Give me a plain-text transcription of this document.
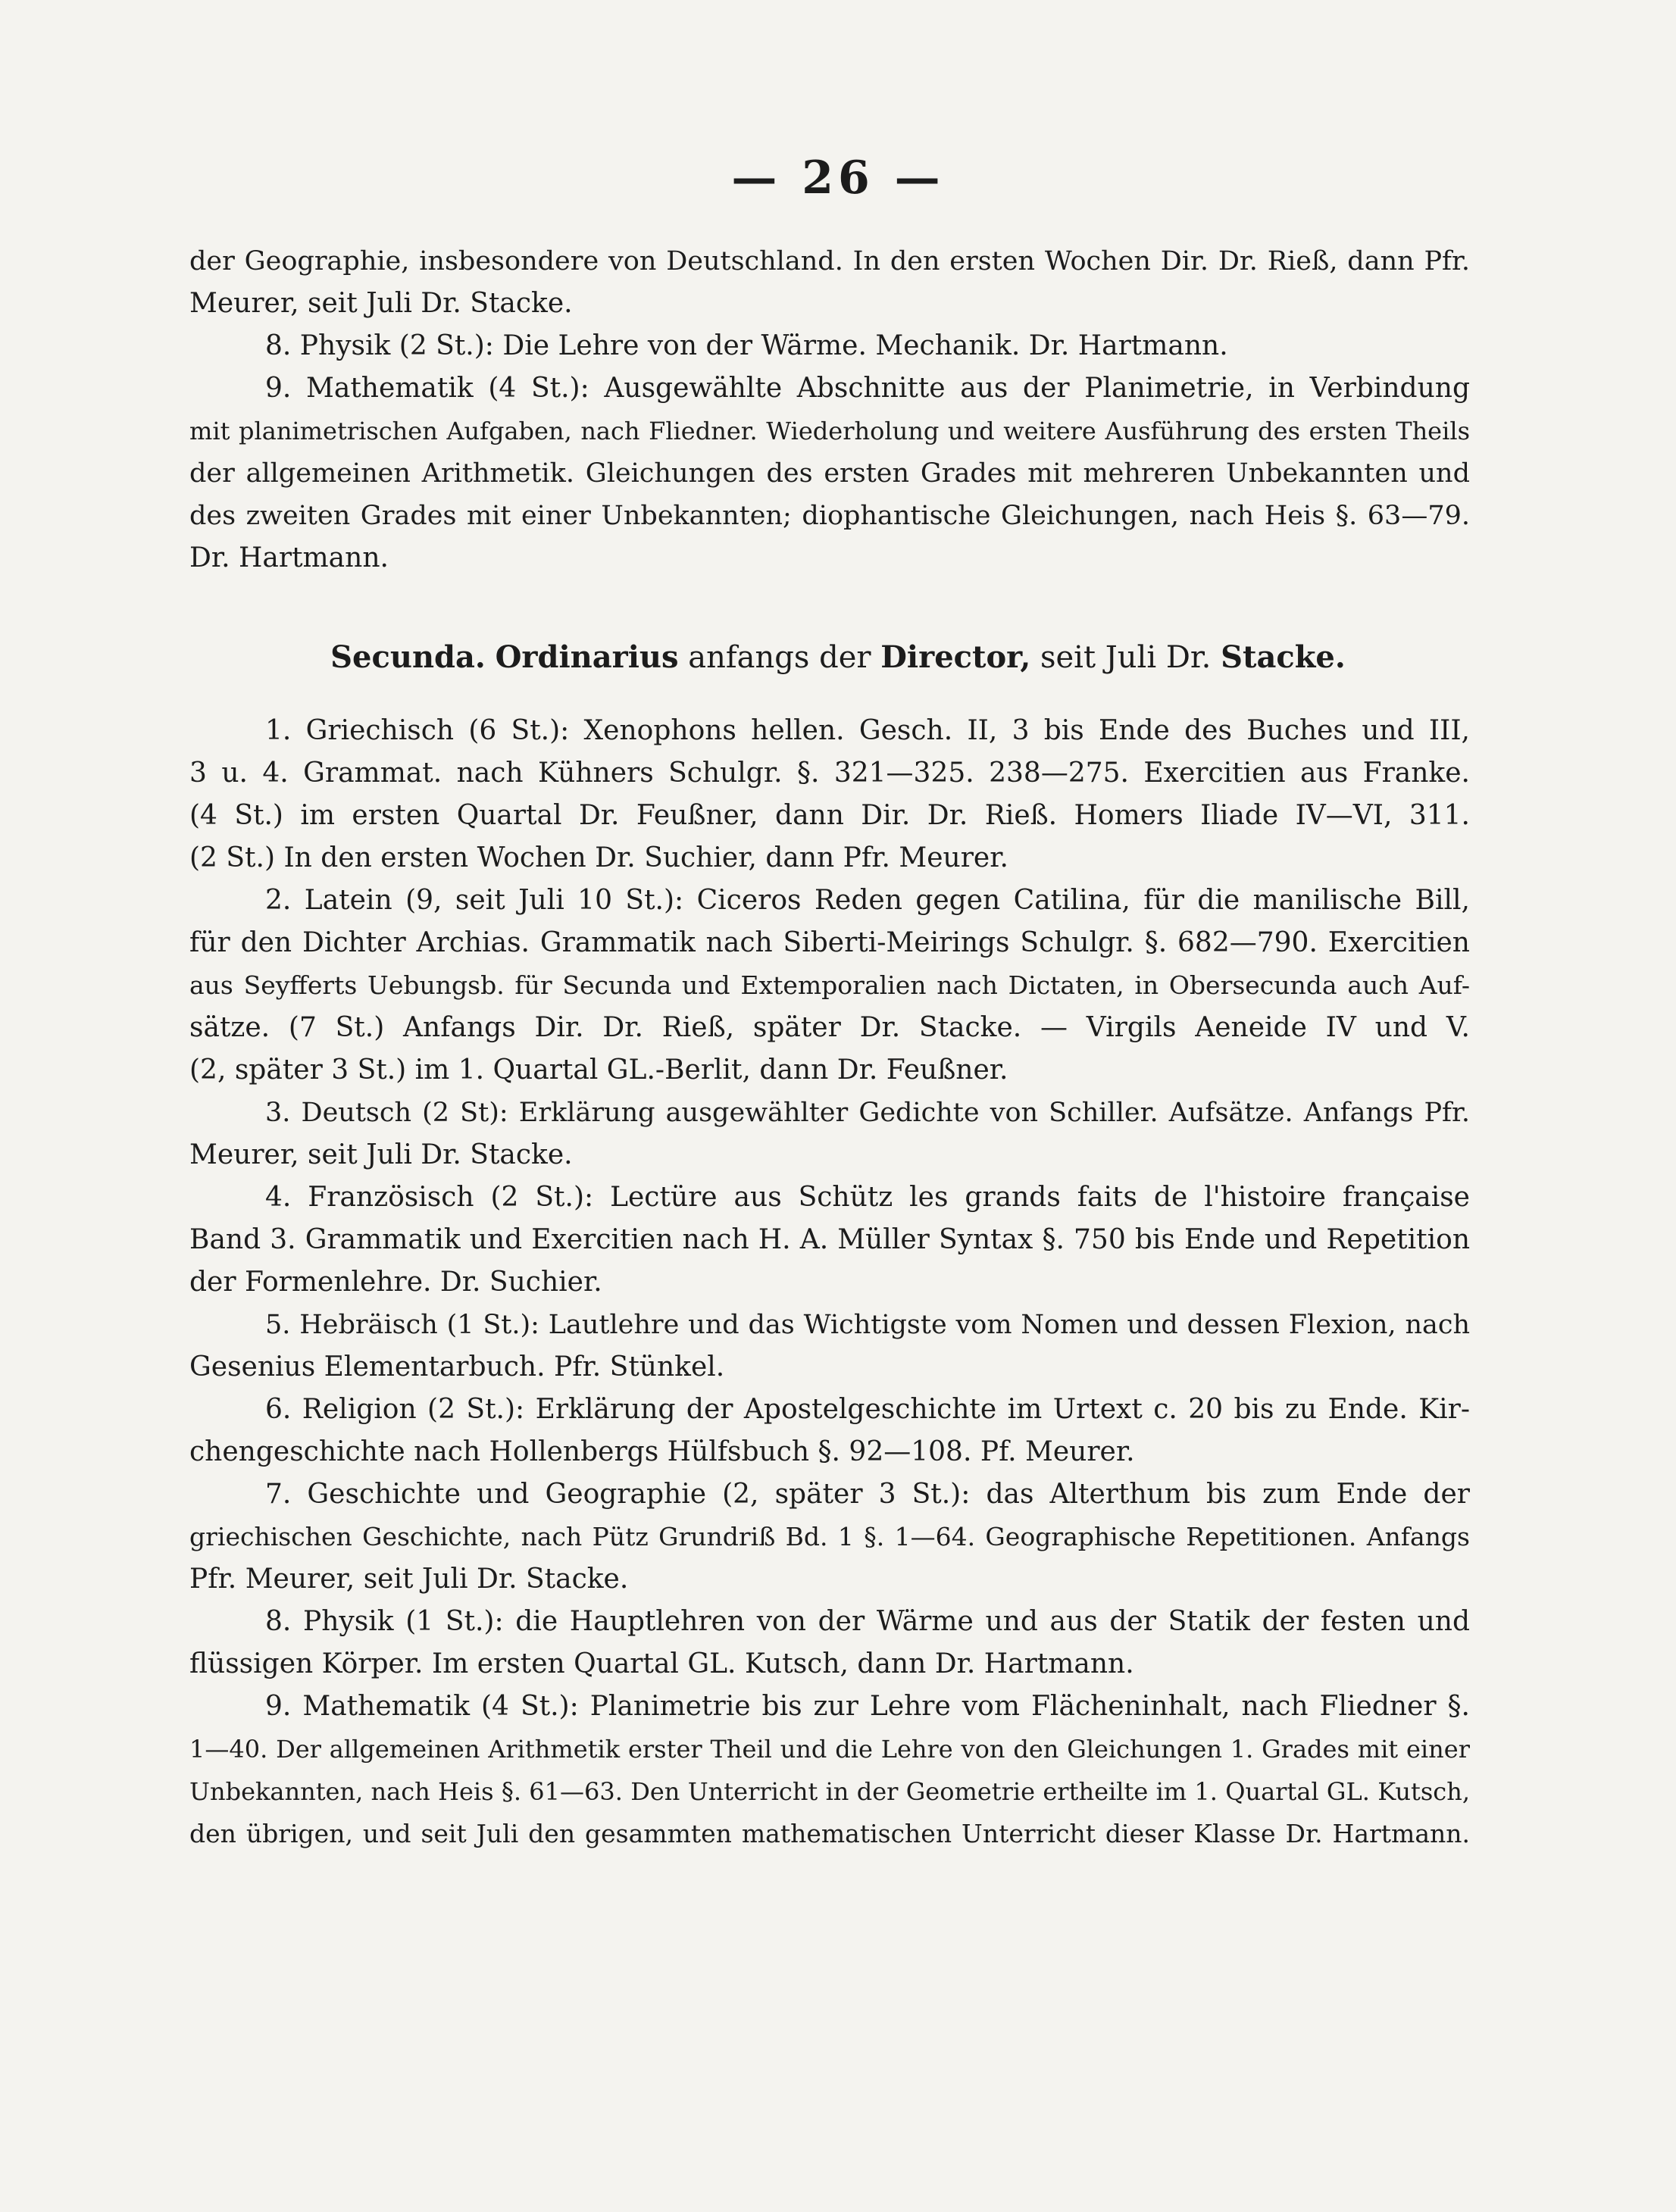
— 26 —
der Geographie, insbesondere von Deutschland. In den ersten Wochen Dir. Dr. Rieß, dann Pfr.
Meurer, seit Juli Dr. Stacke.
8. Physik (2 St.): Die Lehre von der Wärme. Mechanik. Dr. Hartmann.
9. Mathematik (4 St.): Ausgewählte Abschnitte aus der Planimetrie, in Verbindung
mit planimetrischen Aufgaben, nach Fliedner. Wiederholung und weitere Ausführung des ersten Theils
der allgemeinen Arithmetik. Gleichungen des ersten Grades mit mehreren Unbekannten und
des zweiten Grades mit einer Unbekannten; diophantische Gleichungen, nach Heis §. 63—79.
Dr. Hartmann.
Secunda. Ordinarius anfangs der Director, seit Juli Dr. Stacke.
1. Griechisch (6 St.): Xenophons hellen. Gesch. II, 3 bis Ende des Buches und III,
3 u. 4. Grammat. nach Kühners Schulgr. §. 321—325. 238—275. Exercitien aus Franke.
(4 St.) im ersten Quartal Dr. Feußner, dann Dir. Dr. Rieß. Homers Iliade IV—VI, 311.
(2 St.) In den ersten Wochen Dr. Suchier, dann Pfr. Meurer.
2. Latein (9, seit Juli 10 St.): Ciceros Reden gegen Catilina, für die manilische Bill,
für den Dichter Archias. Grammatik nach Siberti-Meirings Schulgr. §. 682—790. Exercitien
aus Seyfferts Uebungsb. für Secunda und Extemporalien nach Dictaten, in Obersecunda auch Auf-
sätze. (7 St.) Anfangs Dir. Dr. Rieß, später Dr. Stacke. — Virgils Aeneide IV und V.
(2, später 3 St.) im 1. Quartal GL.-Berlit, dann Dr. Feußner.
3. Deutsch (2 St): Erklärung ausgewählter Gedichte von Schiller. Aufsätze. Anfangs Pfr.
Meurer, seit Juli Dr. Stacke.
4. Französisch (2 St.): Lectüre aus Schütz les grands faits de l'histoire française
Band 3. Grammatik und Exercitien nach H. A. Müller Syntax §. 750 bis Ende und Repetition
der Formenlehre. Dr. Suchier.
5. Hebräisch (1 St.): Lautlehre und das Wichtigste vom Nomen und dessen Flexion, nach
Gesenius Elementarbuch. Pfr. Stünkel.
6. Religion (2 St.): Erklärung der Apostelgeschichte im Urtext c. 20 bis zu Ende. Kir-
chengeschichte nach Hollenbergs Hülfsbuch §. 92—108. Pf. Meurer.
7. Geschichte und Geographie (2, später 3 St.): das Alterthum bis zum Ende der
griechischen Geschichte, nach Pütz Grundriß Bd. 1 §. 1—64. Geographische Repetitionen. Anfangs
Pfr. Meurer, seit Juli Dr. Stacke.
8. Physik (1 St.): die Hauptlehren von der Wärme und aus der Statik der festen und
flüssigen Körper. Im ersten Quartal GL. Kutsch, dann Dr. Hartmann.
9. Mathematik (4 St.): Planimetrie bis zur Lehre vom Flächeninhalt, nach Fliedner §.
1—40. Der allgemeinen Arithmetik erster Theil und die Lehre von den Gleichungen 1. Grades mit einer
Unbekannten, nach Heis §. 61—63. Den Unterricht in der Geometrie ertheilte im 1. Quartal GL. Kutsch,
den übrigen, und seit Juli den gesammten mathematischen Unterricht dieser Klasse Dr. Hartmann.
